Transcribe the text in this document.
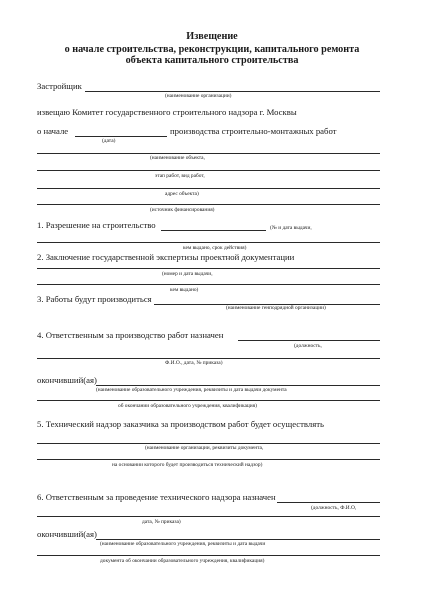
Извещение
о начале строительства, реконструкции, капитального ремонта
объекта капитального строительства
Застройщик
(наименование организации)
извещаю Комитет государственного строительного надзора г. Москвы
о начале	производства строительно-монтажных работ
(дата)
(наименование объекта,
этап работ, вид работ,
адрес объекта)
(источник финансирования)
1. Разрешение на строительство	(№ и дата выдачи,
кем выдано, срок действия)
2. Заключение государственной экспертизы проектной документации
(номер и дата выдачи,
кем выдано)
3. Работы будут производиться
(наименование генподрядной организации)
4. Ответственным за производство работ назначен
(должность,
Ф.И.О., дата, № приказа)
окончивший(ая)
(наименование образовательного учреждения, реквизиты и дата выдачи документа
об окончании образовательного учреждения, квалификация)
5. Технический надзор заказчика за производством работ будет осуществлять
(наименование организации, реквизиты документа,
на основании которого будет производиться технический надзор)
6. Ответственным за проведение технического надзора назначен
(должность, Ф.И.О,
дата, № приказа)
окончивший(ая)
(наименование образовательного учреждения, реквизиты и дата выдачи
документа об окончании образовательного учреждения, квалификация)
